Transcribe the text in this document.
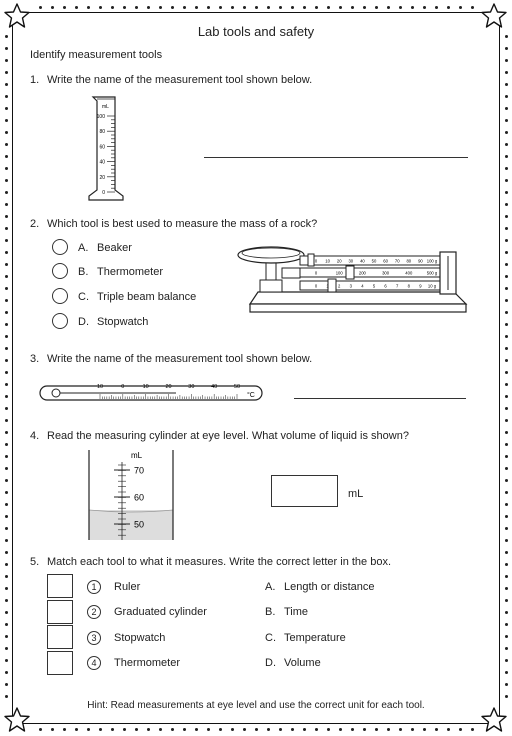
Lab tools and safety
Identify measurement tools
1. Write the name of the measurement tool shown below.
mL
100
80
60
40
20
0
2. Which tool is best used to measure the mass of a rock?
A. Beaker
B. Thermometer
C. Triple beam balance
D. Stopwatch
0 10 20 30 40 50 60 70 80 90 100 g
0	100	200	300	400	500 g
0 1 2 3 4 5 6 7 8 9 10 g
3. Write the name of the measurement tool shown below.
10	0	10	20	30	40	50
°C
4. Read the measuring cylinder at eye level. What volume of liquid is shown?
mL
70
60
50
mL
5. Match each tool to what it measures. Write the correct letter in the box.
1	Ruler	A. Length or distance
2	Graduated cylinder	B. Time
3	Stopwatch	C. Temperature
4	Thermometer	D. Volume
Hint: Read measurements at eye level and use the correct unit for each tool.
